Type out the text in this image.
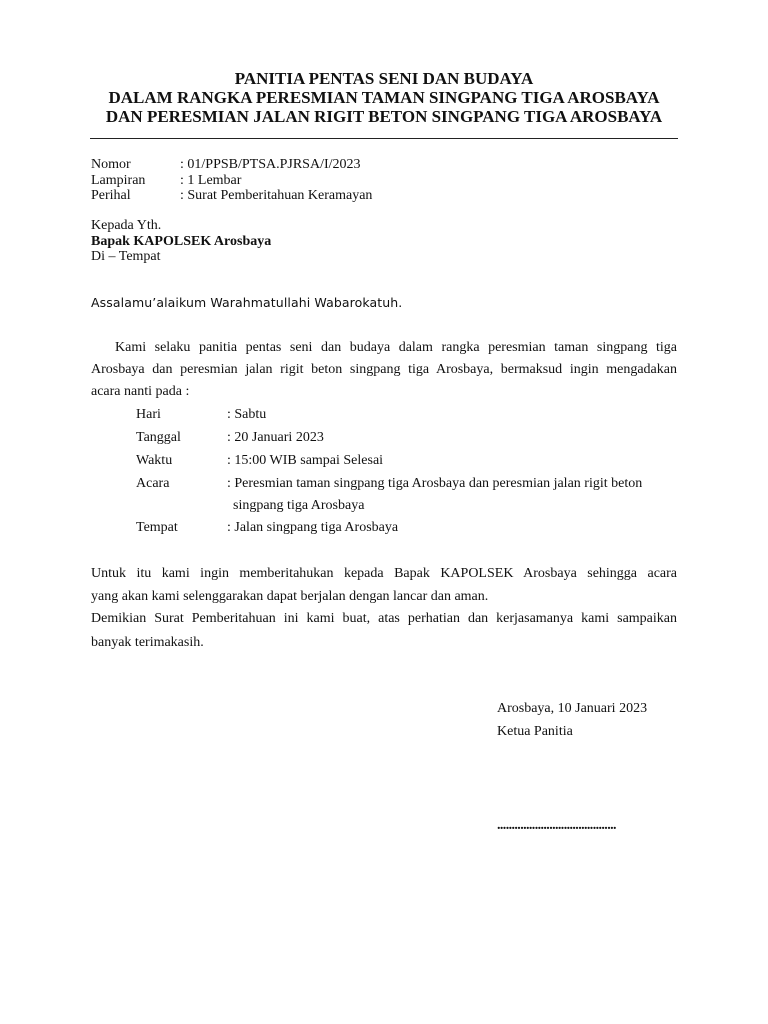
PANITIA PENTAS SENI DAN BUDAYA
DALAM RANGKA PERESMIAN TAMAN SINGPANG TIGA AROSBAYA
DAN PERESMIAN JALAN RIGIT BETON SINGPANG TIGA AROSBAYA
Nomor	: 01/PPSB/PTSA.PJRSA/I/2023
Lampiran : 1 Lembar
Perihal	: Surat Pemberitahuan Keramayan
Kepada Yth.
Bapak KAPOLSEK Arosbaya
Di – Tempat
Assalamu’alaikum Warahmatullahi Wabarokatuh.
Kami selaku panitia pentas seni dan budaya dalam rangka peresmian taman singpang tiga
Arosbaya dan peresmian jalan rigit beton singpang tiga Arosbaya, bermaksud ingin mengadakan
acara nanti pada :
Hari	: Sabtu
Tanggal	: 20 Januari 2023
Waktu	: 15:00 WIB sampai Selesai
Acara	: Peresmian taman singpang tiga Arosbaya dan peresmian jalan rigit beton
singpang tiga Arosbaya
Tempat	: Jalan singpang tiga Arosbaya
Untuk itu kami ingin memberitahukan kepada Bapak KAPOLSEK Arosbaya sehingga acara
yang akan kami selenggarakan dapat berjalan dengan lancar dan aman.
Demikian Surat Pemberitahuan ini kami buat, atas perhatian dan kerjasamanya kami sampaikan
banyak terimakasih.
Arosbaya, 10 Januari 2023
Ketua Panitia
.........................................
